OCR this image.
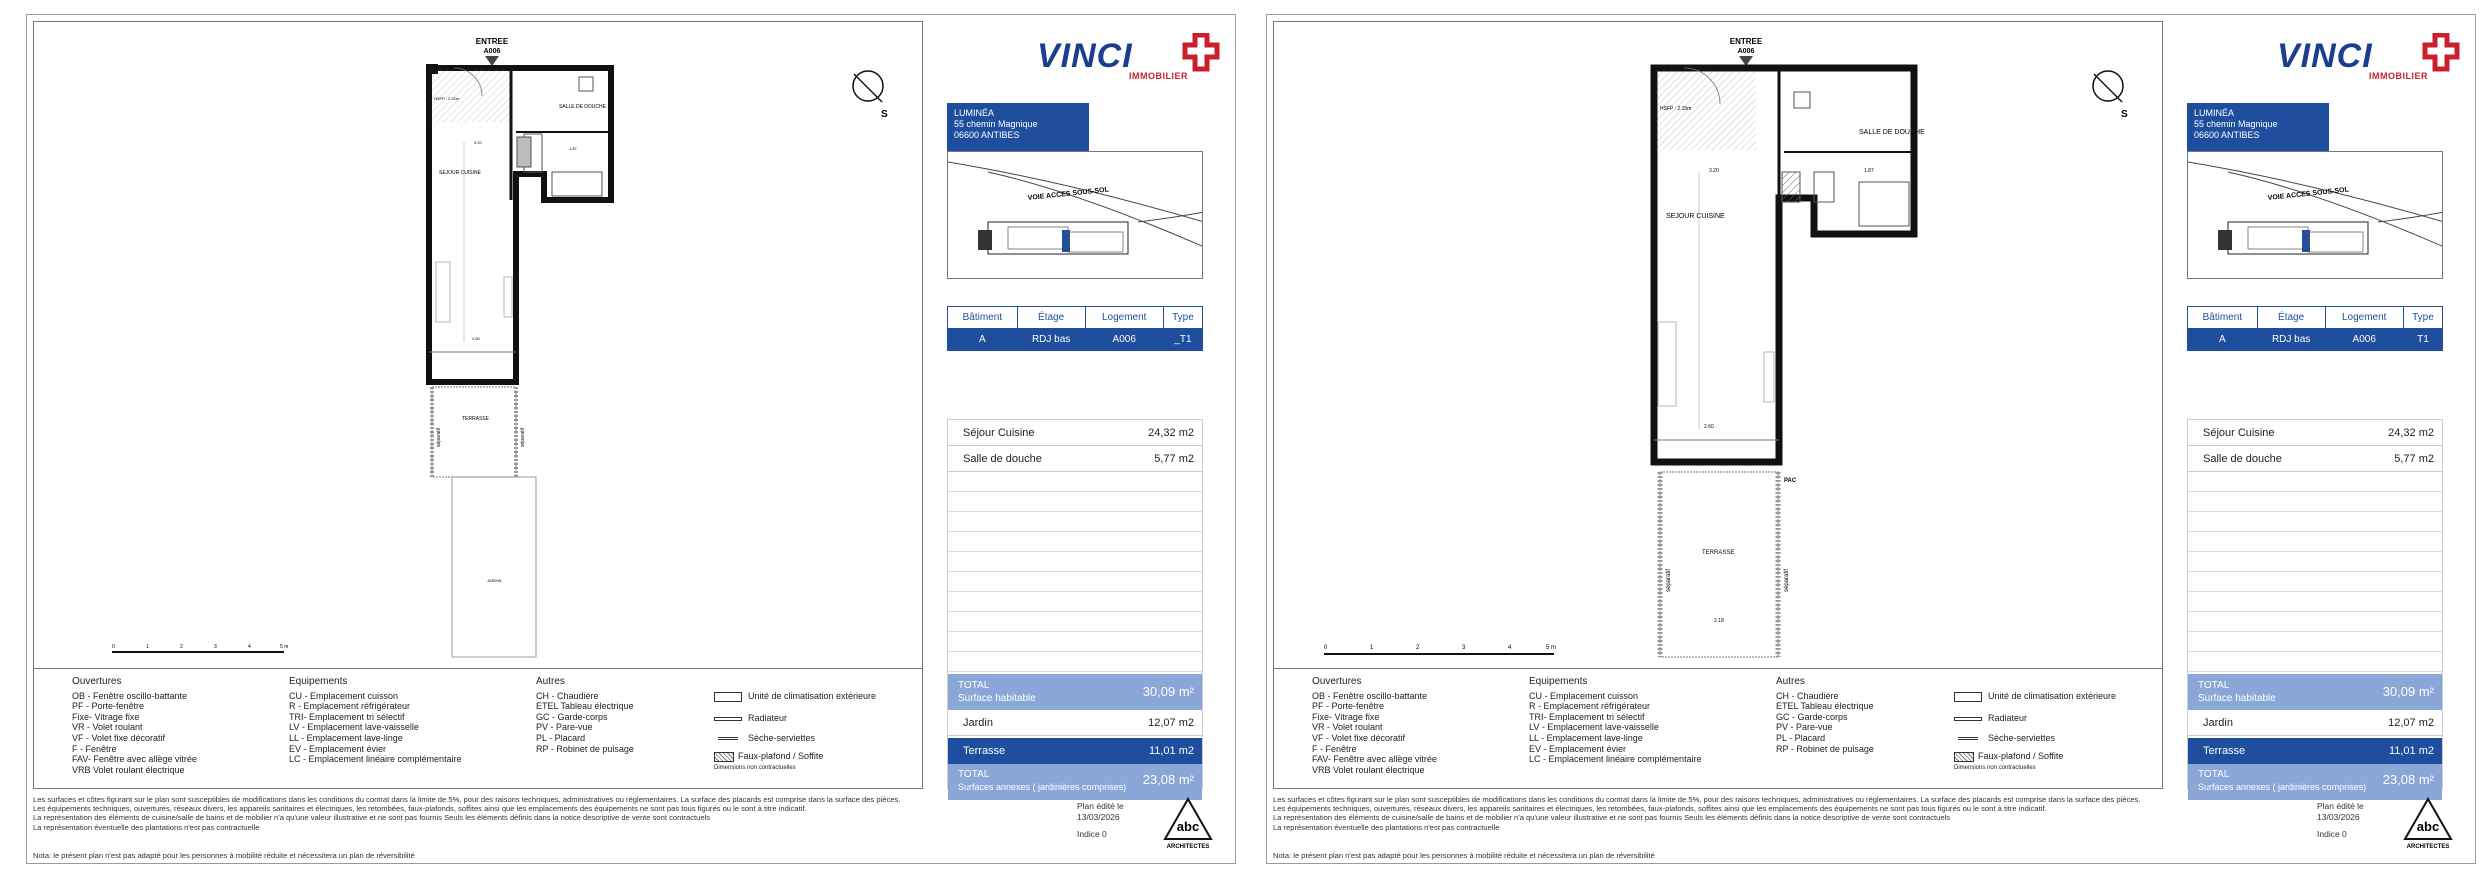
ENTREE
A006
SALLE DE DOUCHE
HSFP : 2.15m
SEJOUR CUISINE
3.20
1.87
2.60
TERRASSE
séparatif	séparatif
JARDIN
0	1	2	3	4	5 m
S
Ouvertures
OB - Fenêtre oscillo-battante
PF - Porte-fenêtre
Fixe- Vitrage fixe
VR - Volet roulant
VF - Volet fixe décoratif
F - Fenêtre
FAV- Fenêtre avec allège vitrée
VRB Volet roulant électrique
Equipements
CU - Emplacement cuisson
R - Emplacement réfrigérateur
TRI- Emplacement tri sélectif
LV - Emplacement lave-vaisselle
LL - Emplacement lave-linge
EV - Emplacement évier
LC - Emplacement linéaire complémentaire
Autres
CH - Chaudière
ETEL Tableau électrique
GC - Garde-corps
PV - Pare-vue
PL - Placard
RP - Robinet de puisage
Unité de climatisation extérieure
Radiateur
Sèche-serviettes
Faux-plafond / Soffite
Dimensions non contractuelles
VINCI
IMMOBILIER
LUMINÉA
55 chemin Magnique
06600 ANTIBES
VOIE ACCES SOUS-SOL
Bâtiment	Étage	Logement	Type
A	RDJ bas	A006	_T1
Séjour Cuisine	24,32 m2
Salle de douche	5,77 m2
TOTAL
Surface habitable	30,09 m²
Jardin	12,07 m2
Terrasse	11,01 m2
TOTAL
Surfaces annexes ( jardinières comprises) 23,08 m²
Les surfaces et côtes figurant sur le plan sont susceptibles de modifications dans les conditions du contrat dans la limite de 5%, pour des raisons techniques, administratives ou réglementaires. La surface des placards est comprise dans la surface des pièces.
Les équipements techniques, ouvertures, réseaux divers, les appareils sanitaires et électriques, les retombées, faux-plafonds, soffites ainsi que les emplacements des équipements ne sont pas tous figurés ou le sont à titre indicatif.
La représentation des éléments de cuisine/salle de bains et de mobilier n'a qu'une valeur illustrative et ne sont pas fournis Seuls les éléments définis dans la notice descriptive de vente sont contractuels
La représentation éventuelle des plantations n'est pas contractuelle
Nota: le présent plan n'est pas adapté pour les personnes à mobilité réduite et nécessitera un plan de réversibilité
Plan édité le
13/03/2026
Indice 0	abc
ARCHITECTES
ENTREE
A006
SALLE DE DOUCHE
HSFP : 2.15m
SEJOUR CUISINE
3.20	1.87
2.60
PAC
TERRASSE
séparatif	séparatif
2.18
0	1	2	3	4	5 m
S
Ouvertures
OB - Fenêtre oscillo-battante
PF - Porte-fenêtre
Fixe- Vitrage fixe
VR - Volet roulant
VF - Volet fixe décoratif
F - Fenêtre
FAV- Fenêtre avec allège vitrée
VRB Volet roulant électrique
Equipements
CU - Emplacement cuisson
R - Emplacement réfrigérateur
TRI- Emplacement tri sélectif
LV - Emplacement lave-vaisselle
LL - Emplacement lave-linge
EV - Emplacement évier
LC - Emplacement linéaire complémentaire
Autres
CH - Chaudière
ETEL Tableau électrique
GC - Garde-corps
PV - Pare-vue
PL - Placard
RP - Robinet de puisage
Unité de climatisation extérieure
Radiateur
Sèche-serviettes
Faux-plafond / Soffite
Dimensions non contractuelles
VINCI
IMMOBILIER
LUMINÉA
55 chemin Magnique
06600 ANTIBES
VOIE ACCES SOUS-SOL
Bâtiment	Étage	Logement	Type
A	RDJ bas	A006	T1
Séjour Cuisine	24,32 m2
Salle de douche	5,77 m2
TOTAL
Surface habitable	30,09 m²
Jardin	12,07 m2
Terrasse	11,01 m2
TOTAL
Surfaces annexes ( jardinières comprises) 23,08 m²
Les surfaces et côtes figurant sur le plan sont susceptibles de modifications dans les conditions du contrat dans la limite de 5%, pour des raisons techniques, administratives ou réglementaires. La surface des placards est comprise dans la surface des pièces.
Les équipements techniques, ouvertures, réseaux divers, les appareils sanitaires et électriques, les retombées, faux-plafonds, soffites ainsi que les emplacements des équipements ne sont pas tous figurés ou le sont à titre indicatif.
La représentation des éléments de cuisine/salle de bains et de mobilier n'a qu'une valeur illustrative et ne sont pas fournis Seuls les éléments définis dans la notice descriptive de vente sont contractuels
La représentation éventuelle des plantations n'est pas contractuelle
Nota: le présent plan n'est pas adapté pour les personnes à mobilité réduite et nécessitera un plan de réversibilité
Plan édité le
13/03/2026
Indice 0	abc
ARCHITECTES
